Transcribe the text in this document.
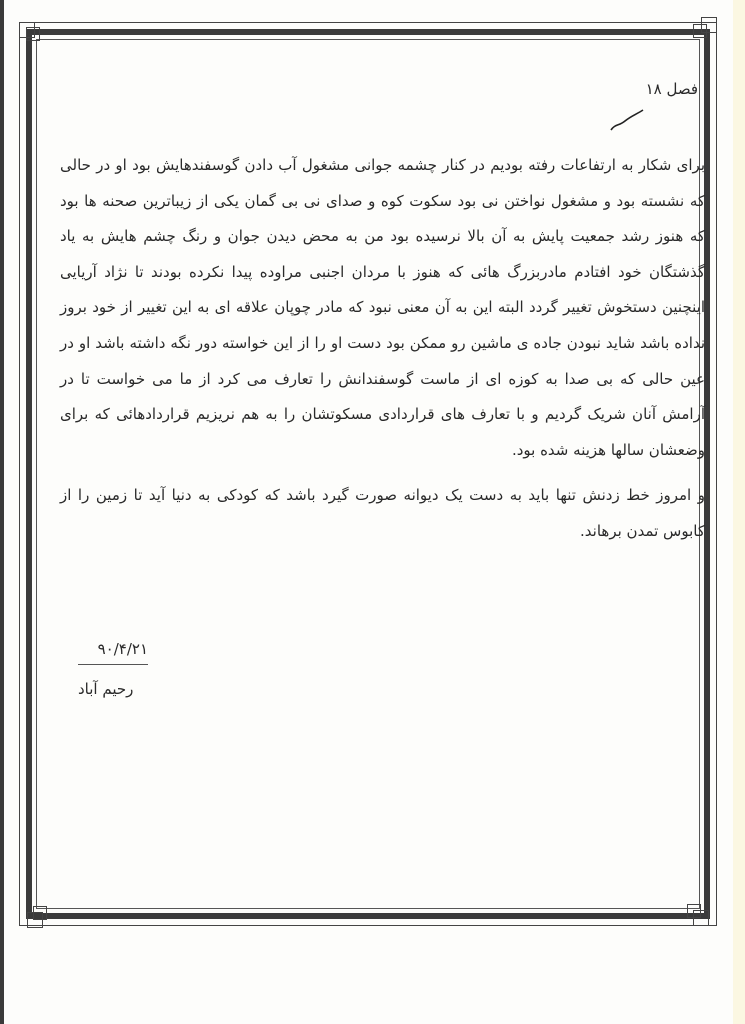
فصل ۱۸

برای شکار به ارتفاعات رفته بودیم در کنار چشمه جوانی مشغول آب دادن گوسفندهایش بود او در حالی که نشسته بود و مشغول نواختن نی بود سکوت کوه و صدای نی بی گمان یکی از زیباترین صحنه ها بود که هنوز رشد جمعیت پایش به آن بالا نرسیده بود من به محض دیدن جوان و رنگ چشم هایش به یاد گذشتگان خود افتادم مادربزرگ هائی که هنوز با مردان اجنبی مراوده پیدا نکرده بودند تا نژاد آریایی اینچنین دستخوش تغییر گردد البته این به آن معنی نبود که مادر چوپان علاقه ای به این تغییر از خود بروز نداده باشد شاید نبودن جاده ی ماشین رو ممکن بود دست او را از این خواسته دور نگه داشته باشد او در عین حالی که بی صدا به کوزه ای از ماست گوسفندانش را تعارف می کرد از ما می خواست تا در آرامش آنان شریک گردیم و با تعارف های قراردادی مسکوتشان را به هم نریزیم قراردادهائی که برای وضعشان سالها هزینه شده بود.

و امروز خط زدنش تنها باید به دست یک دیوانه صورت گیرد باشد که کودکی به دنیا آید تا زمین را از کابوس تمدن برهاند.

۹۰/۴/۲۱
رحیم آباد
